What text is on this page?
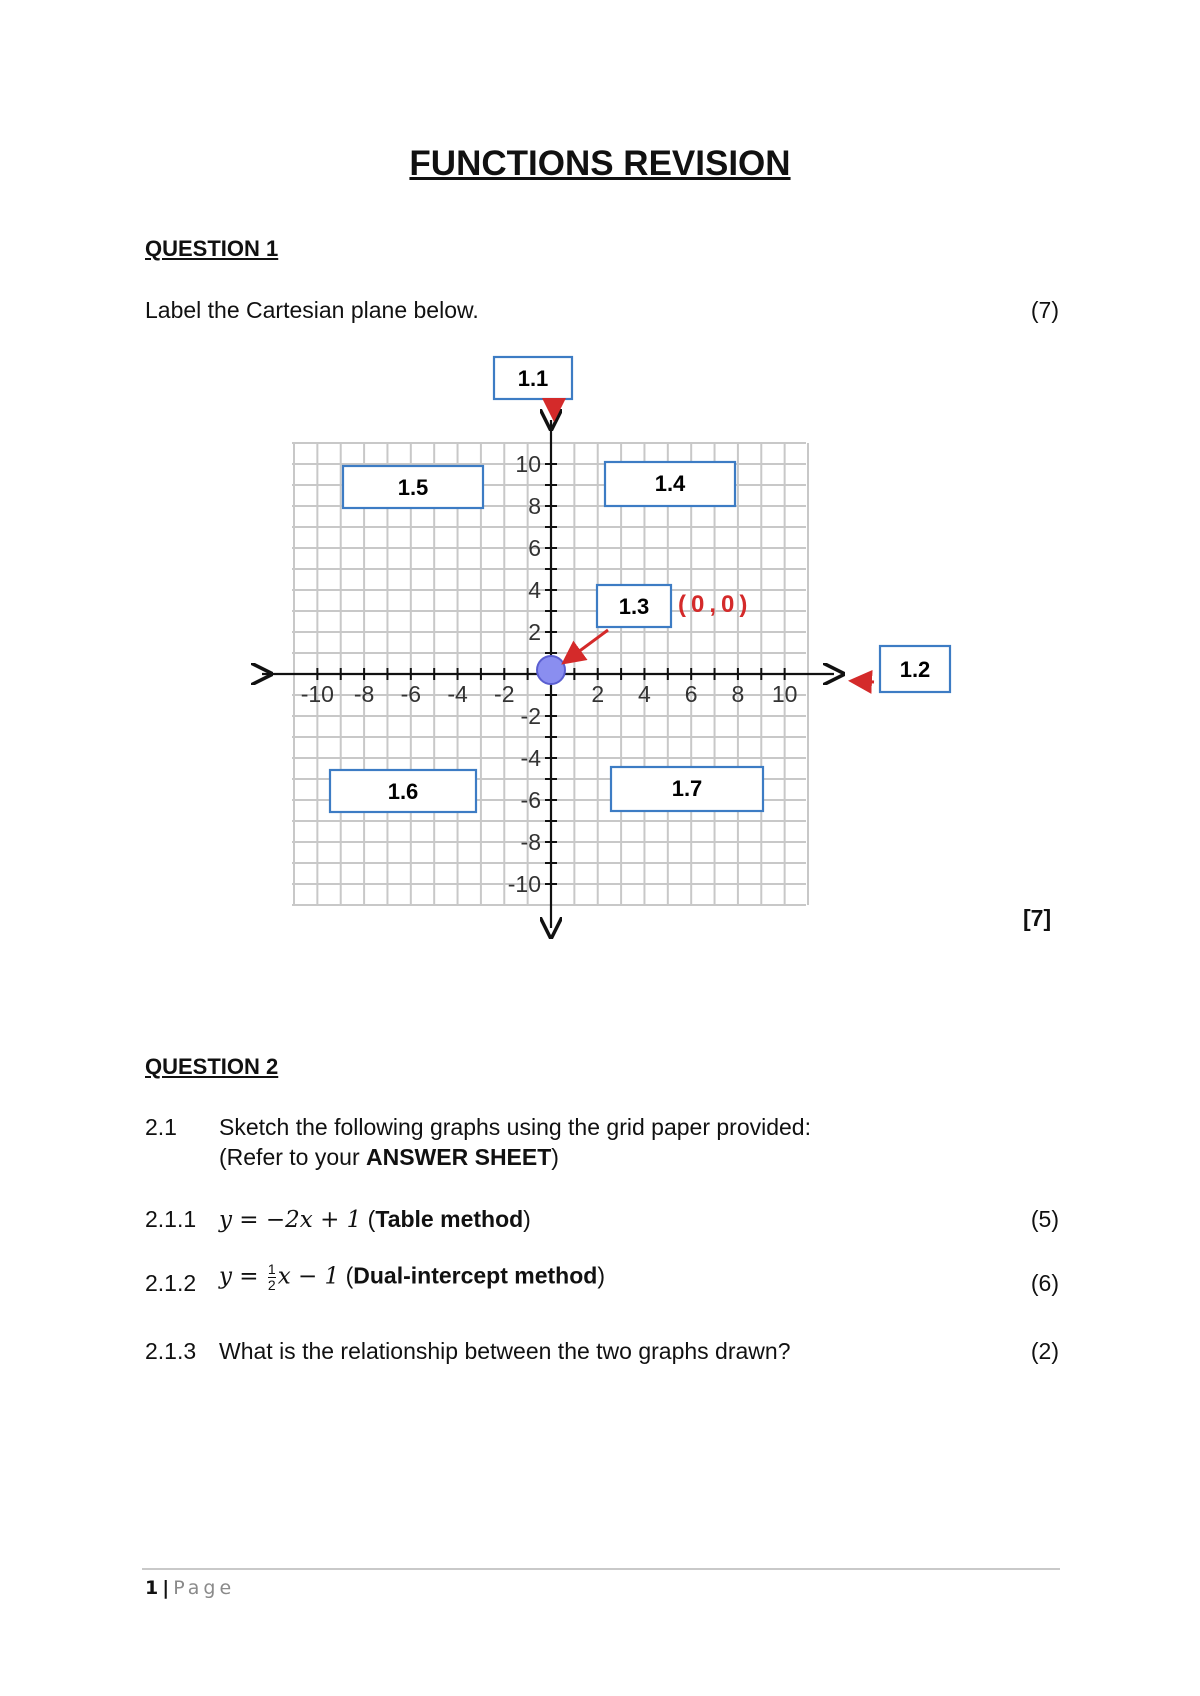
FUNCTIONS REVISION
QUESTION 1
Label the Cartesian plane below.	(7)
-10 -8 -6 -4 -2	2 4 6 8 10
10
8
6
4
2
-2
-4
-6
-8
-10
(0,0)
1.1
1.2
1.3
1.4
1.5
1.6	1.7
[7]
QUESTION 2
2.1 Sketch the following graphs using the grid paper provided:
(Refer to your ANSWER SHEET)
2.1.1 y = −2x + 1 (Table method)	(5)
2.1.2 $y = \frac{1}{2}$ x − 1 (Dual-intercept method)	(6)
2.1.3 What is the relationship between the two graphs drawn?	(2)
1 | Page
